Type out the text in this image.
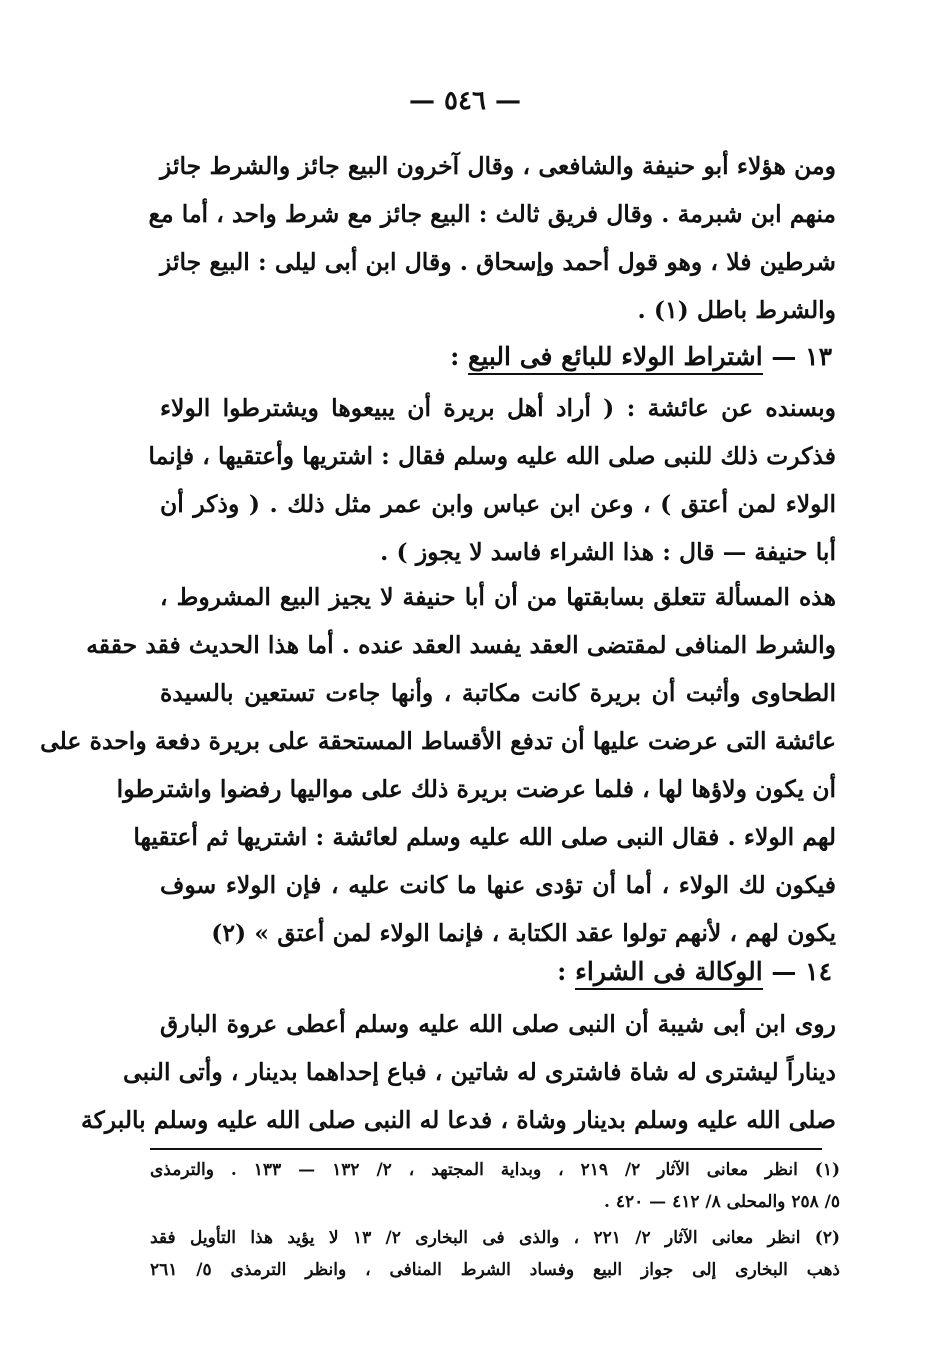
— ٥٤٦ —
ومن هؤلاء أبو حنيفة والشافعى ، وقال آخرون البيع جائز والشرط جائز
منهم ابن شبرمة . وقال فريق ثالث : البيع جائز مع شرط واحد ، أما مع
شرطين فلا ، وهو قول أحمد وإسحاق . وقال ابن أبى ليلى : البيع جائز
والشرط باطل (١) .
١٣ — اشتراط الولاء للبائع فى البيع :
وبسنده عن عائشة : ( أراد أهل بريرة أن يبيعوها ويشترطوا الولاء
فذكرت ذلك للنبى صلى الله عليه وسلم فقال : اشتريها وأعتقيها ، فإنما
الولاء لمن أعتق ) ، وعن ابن عباس وابن عمر مثل ذلك . ( وذكر أن
أبا حنيفة — قال : هذا الشراء فاسد لا يجوز ) .
هذه المسألة تتعلق بسابقتها من أن أبا حنيفة لا يجيز البيع المشروط ،
والشرط المنافى لمقتضى العقد يفسد العقد عنده . أما هذا الحديث فقد حققه
الطحاوى وأثبت أن بريرة كانت مكاتبة ، وأنها جاءت تستعين بالسيدة
عائشة التى عرضت عليها أن تدفع الأقساط المستحقة على بريرة دفعة واحدة على
أن يكون ولاؤها لها ، فلما عرضت بريرة ذلك على مواليها رفضوا واشترطوا
لهم الولاء . فقال النبى صلى الله عليه وسلم لعائشة : اشتريها ثم أعتقيها
فيكون لك الولاء ، أما أن تؤدى عنها ما كانت عليه ، فإن الولاء سوف
يكون لهم ، لأنهم تولوا عقد الكتابة ، فإنما الولاء لمن أعتق » (٢)
١٤ — الوكالة فى الشراء :
روى ابن أبى شيبة أن النبى صلى الله عليه وسلم أعطى عروة البارق
ديناراً ليشترى له شاة فاشترى له شاتين ، فباع إحداهما بدينار ، وأتى النبى
صلى الله عليه وسلم بدينار وشاة ، فدعا له النبى صلى الله عليه وسلم بالبركة
(١) انظر معانى الآثار ٢/ ٢١٩ ، وبداية المجتهد ، ٢/ ١٣٢ — ١٣٣ . والترمذى
٥/ ٢٥٨ والمحلى ٨/ ٤١٢ — ٤٢٠ .
(٢) انظر معانى الآثار ٢/ ٢٢١ ، والذى فى البخارى ٢/ ١٣ لا يؤيد هذا التأويل فقد
ذهب البخارى إلى جواز البيع وفساد الشرط المنافى ، وانظر الترمذى ٥/ ٢٦١
